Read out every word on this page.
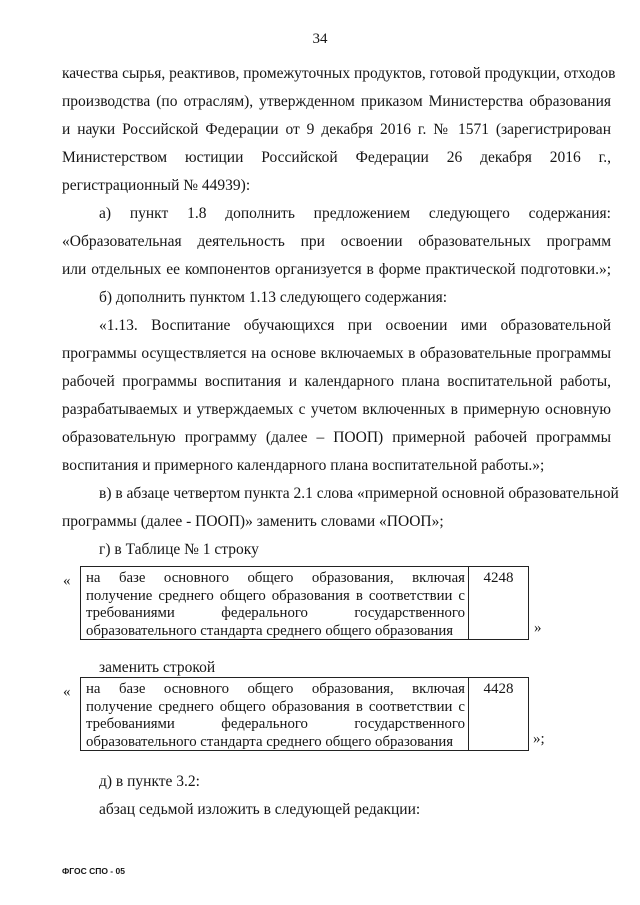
34
качества сырья, реактивов, промежуточных продуктов, готовой продукции, отходов
производства (по отраслям), утвержденном приказом Министерства образования
и науки Российской Федерации от 9 декабря 2016 г. № 1571 (зарегистрирован
Министерством юстиции Российской Федерации 26 декабря 2016 г.,
регистрационный № 44939):
а) пункт 1.8 дополнить предложением следующего содержания:
«Образовательная деятельность при освоении образовательных программ
или отдельных ее компонентов организуется в форме практической подготовки.»;
б) дополнить пунктом 1.13 следующего содержания:
«1.13. Воспитание обучающихся при освоении ими образовательной
программы осуществляется на основе включаемых в образовательные программы
рабочей программы воспитания и календарного плана воспитательной работы,
разрабатываемых и утверждаемых с учетом включенных в примерную основную
образовательную программу (далее – ПООП) примерной рабочей программы
воспитания и примерного календарного плана воспитательной работы.»;
в) в абзаце четвертом пункта 2.1 слова «примерной основной образовательной
программы (далее - ПООП)» заменить словами «ПООП»;
г) в Таблице № 1 строку
« на базе основного общего образования, включая
получение среднего общего образования в соответствии с
требованиями федерального государственного
образовательного стандарта среднего общего образования
4248
»
заменить строкой
« на базе основного общего образования, включая
получение среднего общего образования в соответствии с
требованиями федерального государственного
образовательного стандарта среднего общего образования
4428
»;
д) в пункте 3.2:
абзац седьмой изложить в следующей редакции:
ФГОС СПО - 05
